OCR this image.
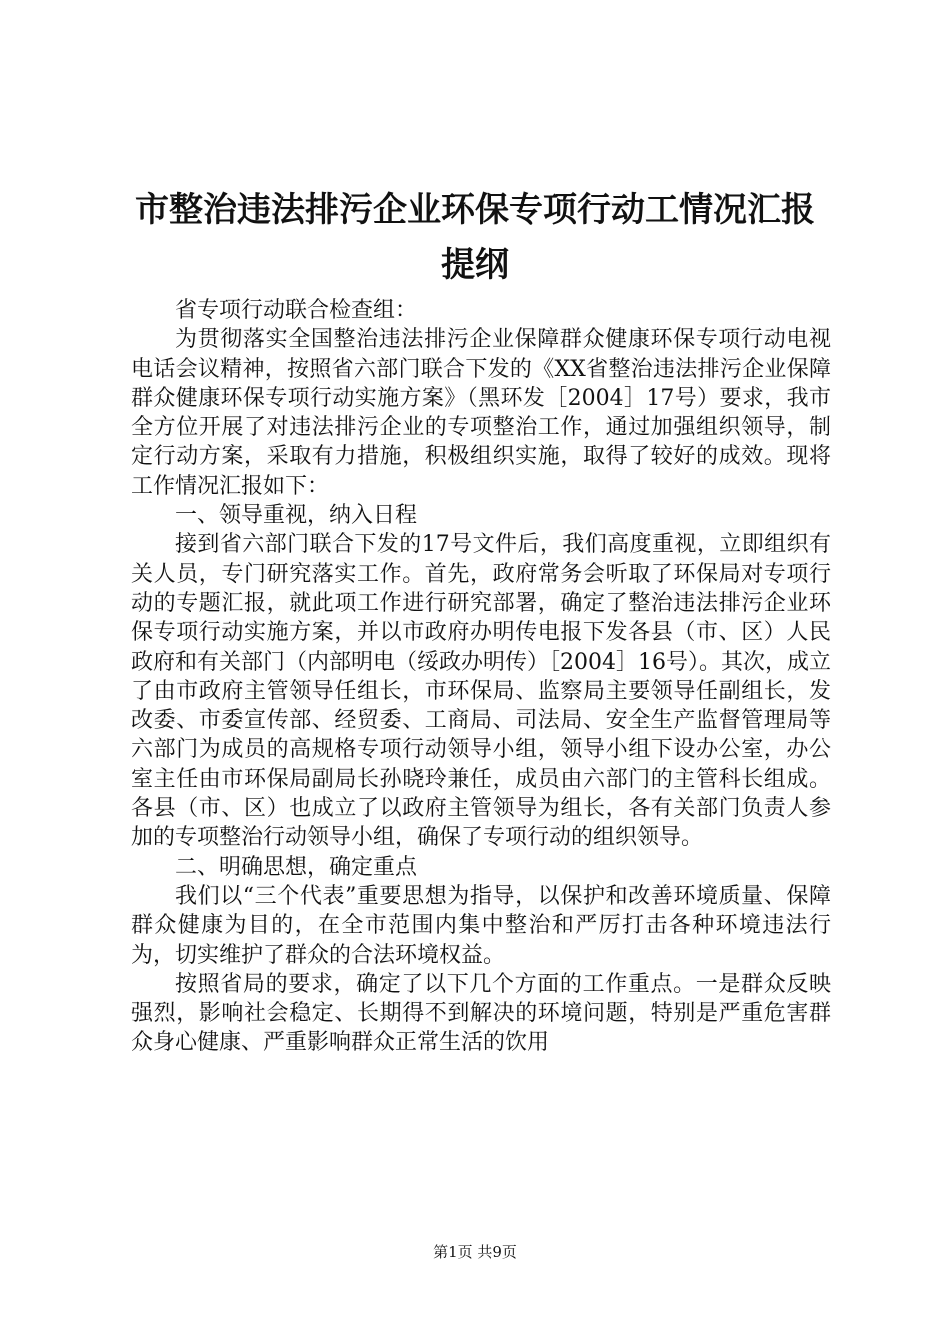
市整治违法排污企业环保专项行动工情况汇报
提纲

省专项行动联合检查组：

为贯彻落实全国整治违法排污企业保障群众健康环保专项行动电视电话会议精神，按照省六部门联合下发的《XX省整治违法排污企业保障群众健康环保专项行动实施方案》（黑环发［2004］17号）要求，我市全方位开展了对违法排污企业的专项整治工作，通过加强组织领导，制定行动方案，采取有力措施，积极组织实施，取得了较好的成效。现将工作情况汇报如下：

一、领导重视，纳入日程

接到省六部门联合下发的17号文件后，我们高度重视，立即组织有关人员，专门研究落实工作。首先，政府常务会听取了环保局对专项行动的专题汇报，就此项工作进行研究部署，确定了整治违法排污企业环保专项行动实施方案，并以市政府办明传电报下发各县（市、区）人民政府和有关部门（内部明电（绥政办明传）［2004］16号）。其次，成立了由市政府主管领导任组长，市环保局、监察局主要领导任副组长，发改委、市委宣传部、经贸委、工商局、司法局、安全生产监督管理局等六部门为成员的高规格专项行动领导小组，领导小组下设办公室，办公室主任由市环保局副局长孙晓玲兼任，成员由六部门的主管科长组成。各县（市、区）也成立了以政府主管领导为组长，各有关部门负责人参加的专项整治行动领导小组，确保了专项行动的组织领导。

二、明确思想，确定重点

我们以“三个代表”重要思想为指导，以保护和改善环境质量、保障群众健康为目的，在全市范围内集中整治和严厉打击各种环境违法行为，切实维护了群众的合法环境权益。

按照省局的要求，确定了以下几个方面的工作重点。一是群众反映强烈，影响社会稳定、长期得不到解决的环境问题，特别是严重危害群众身心健康、严重影响群众正常生活的饮用

第1页 共9页
